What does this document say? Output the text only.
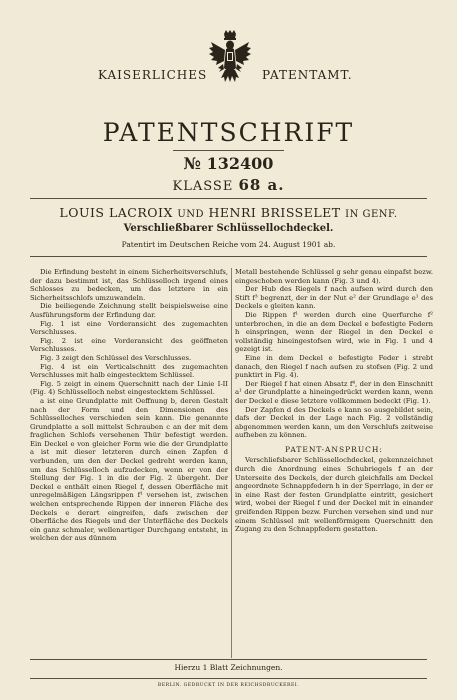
KAISERLICHES	PATENTAMT.
PATENTSCHRIFT
№ 132400
KLASSE 68 a.
LOUIS LACROIX UND HENRI BRISSELET IN GENF.
Verschließbarer Schlüssellochdeckel.
Patentirt im Deutschen Reiche vom 24. August 1901 ab.

Die Erfindung besteht in einem Sicherheitsverschlufs, der dazu bestimmt ist, das Schlüsselloch irgend eines Schlosses zu bedecken, um das letztere in ein Sicherheitsschlofs umzuwandeln.

Die beiliegende Zeichnung stellt beispielsweise eine Ausführungsform der Erfindung dar.

Fig. 1 ist eine Vorderansicht des zugemachten Verschlusses.

Fig. 2 ist eine Vorderansicht des geöffneten Verschlusses.

Fig. 3 zeigt den Schlüssel des Verschlusses.

Fig. 4 ist ein Verticalschnitt des zugemachten Verschlusses mit halb eingestecktem Schlüssel.

Fig. 5 zeigt in einem Querschnitt nach der Linie I-II (Fig. 4) Schlüsselloch nebst eingestecktem Schlüssel.

a ist eine Grundplatte mit Oeffnung b, deren Gestalt nach der Form und den Dimensionen des Schlüsselloches verschieden sein kann. Die genannte Grundplatte a soll mittelst Schrauben c an der mit dem fraglichen Schlofs versehenen Thür befestigt werden. Ein Deckel e von gleicher Form wie die der Grundplatte a ist mit dieser letzteren durch einen Zapfen d verbunden, um den der Deckel gedreht werden kann, um das Schlüsselloch aufzudecken, wenn er von der Stellung der Fig. 1 in die der Fig. 2 übergeht. Der Deckel e enthält einen Riegel f, dessen Oberfläche mit unregelmäßigen Längsrippen f¹ versehen ist, zwischen welchen entsprechende Rippen der inneren Fläche des Deckels e derart eingreifen, dafs zwischen der Oberfläche des Riegels und der Unterfläche des Deckels ein ganz schmaler, wellenartiger Durchgang entsteht, in welchen der aus dünnem

Metall bestehende Schlüssel g sehr genau einpafst bezw. eingeschoben werden kann (Fig. 3 und 4).

Der Hub des Riegels f nach aufsen wird durch den Stift f³ begrenzt, der in der Nut e² der Grundlage e¹ des Deckels e gleiten kann.

Die Rippen f¹ werden durch eine Querfurche f² unterbrochen, in die an dem Deckel e befestigte Federn h einspringen, wenn der Riegel in den Deckel e vollständig hineingestofsen wird, wie in Fig. 1 und 4 gezeigt ist.

Eine in dem Deckel e befestigte Feder i strebt danach, den Riegel f nach aufsen zu stofsen (Fig. 2 und punktirt in Fig. 4).

Der Riegel f hat einen Absatz f⁴, der in den Einschnitt a¹ der Grundplatte a hineingedrückt werden kann, wenn der Deckel e diese letztere vollkommen bedeckt (Fig. 1).

Der Zapfen d des Deckels e kann so ausgebildet sein, dafs der Deckel in der Lage nach Fig. 2 vollständig abgenommen werden kann, um den Verschlufs zeitweise aufheben zu können.

PATENT-ANSPRUCH:

Verschliefsbarer Schlüssellochdeckel, gekennzeichnet durch die Anordnung eines Schubriegels f an der Unterseite des Deckels, der durch gleichfalls am Deckel angeordnete Schnappfedern h in der Sperrlage, in der er in eine Rast der festen Grundplatte eintritt, gesichert wird, wobei der Riegel f und der Deckel mit in einander greifenden Rippen bezw. Furchen versehen sind und nur einem Schlüssel mit wellenförmigem Querschnitt den Zugang zu den Schnappfedern gestatten.

Hierzu 1 Blatt Zeichnungen.
BERLIN. GEDRUCKT IN DER REICHSDRUCKEREI.
